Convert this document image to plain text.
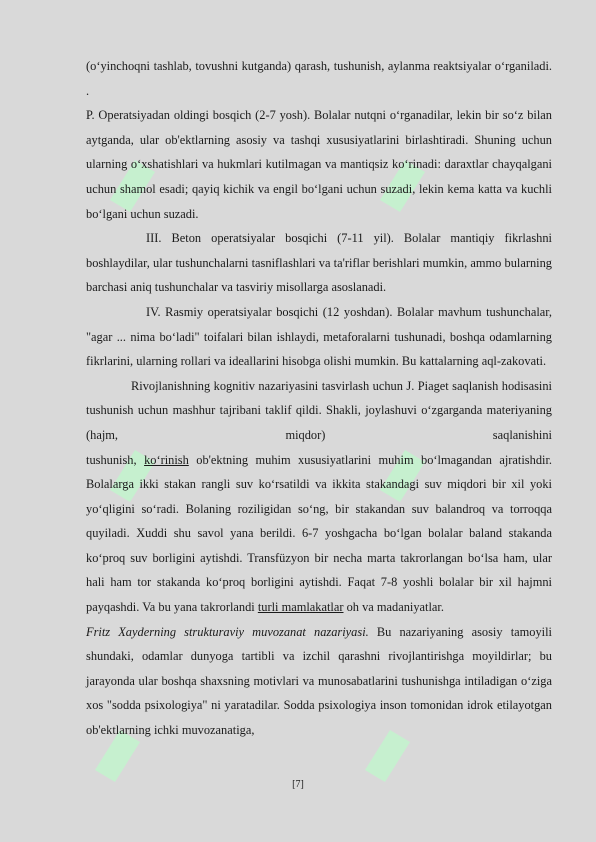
(o‘yinchoqni tashlab, tovushni kutganda) qarash, tushunish, aylanma reaktsiyalar o‘rganiladi. .

P. Operatsiyadan oldingi bosqich (2-7 yosh). Bolalar nutqni o‘rganadilar, lekin bir so‘z bilan aytganda, ular ob'ektlarning asosiy va tashqi xususiyatlarini birlashtiradi. Shuning uchun ularning o‘xshatishlari va hukmlari kutilmagan va mantiqsiz ko‘rinadi: daraxtlar chayqalgani uchun shamol esadi; qayiq kichik va engil bo‘lgani uchun suzadi, lekin kema katta va kuchli bo‘lgani uchun suzadi.

III. Beton operatsiyalar bosqichi (7-11 yil). Bolalar mantiqiy fikrlashni boshlaydilar, ular tushunchalarni tasniflashlari va ta'riflar berishlari mumkin, ammo bularning barchasi aniq tushunchalar va tasviriy misollarga asoslanadi.

IV. Rasmiy operatsiyalar bosqichi (12 yoshdan). Bolalar mavhum tushunchalar, "agar ... nima bo‘ladi" toifalari bilan ishlaydi, metaforalarni tushunadi, boshqa odamlarning fikrlarini, ularning rollari va ideallarini hisobga olishi mumkin. Bu kattalarning aql-zakovati.

Rivojlanishning kognitiv nazariyasini tasvirlash uchun J. Piaget saqlanish hodisasini tushunish uchun mashhur tajribani taklif qildi. Shakli, joylashuvi o‘zgarganda materiyaning (hajm, miqdor) saqlanishini

tushunish, ko‘rinish ob'ektning muhim xususiyatlarini muhim bo‘lmagandan ajratishdir. Bolalarga ikki stakan rangli suv ko‘rsatildi va ikkita stakandagi suv miqdori bir xil yoki yo‘qligini so‘radi. Bolaning roziligidan so‘ng, bir stakandan suv balandroq va torroqqa quyiladi. Xuddi shu savol yana berildi. 6-7 yoshgacha bo‘lgan bolalar baland stakanda ko‘proq suv borligini aytishdi. Transfüzyon bir necha marta takrorlangan bo‘lsa ham, ular hali ham tor stakanda ko‘proq borligini aytishdi. Faqat 7-8 yoshli bolalar bir xil hajmni payqashdi. Va bu yana takrorlandi turli mamlakatlar oh va madaniyatlar.

Fritz Xayderning strukturaviy muvozanat nazariyasi. Bu nazariyaning asosiy tamoyili shundaki, odamlar dunyoga tartibli va izchil qarashni rivojlantirishga moyildirlar; bu jarayonda ular boshqa shaxsning motivlari va munosabatlarini tushunishga intiladigan o‘ziga xos "sodda psixologiya" ni yaratadilar. Sodda psixologiya inson tomonidan idrok etilayotgan ob'ektlarning ichki muvozanatiga,

[7]
